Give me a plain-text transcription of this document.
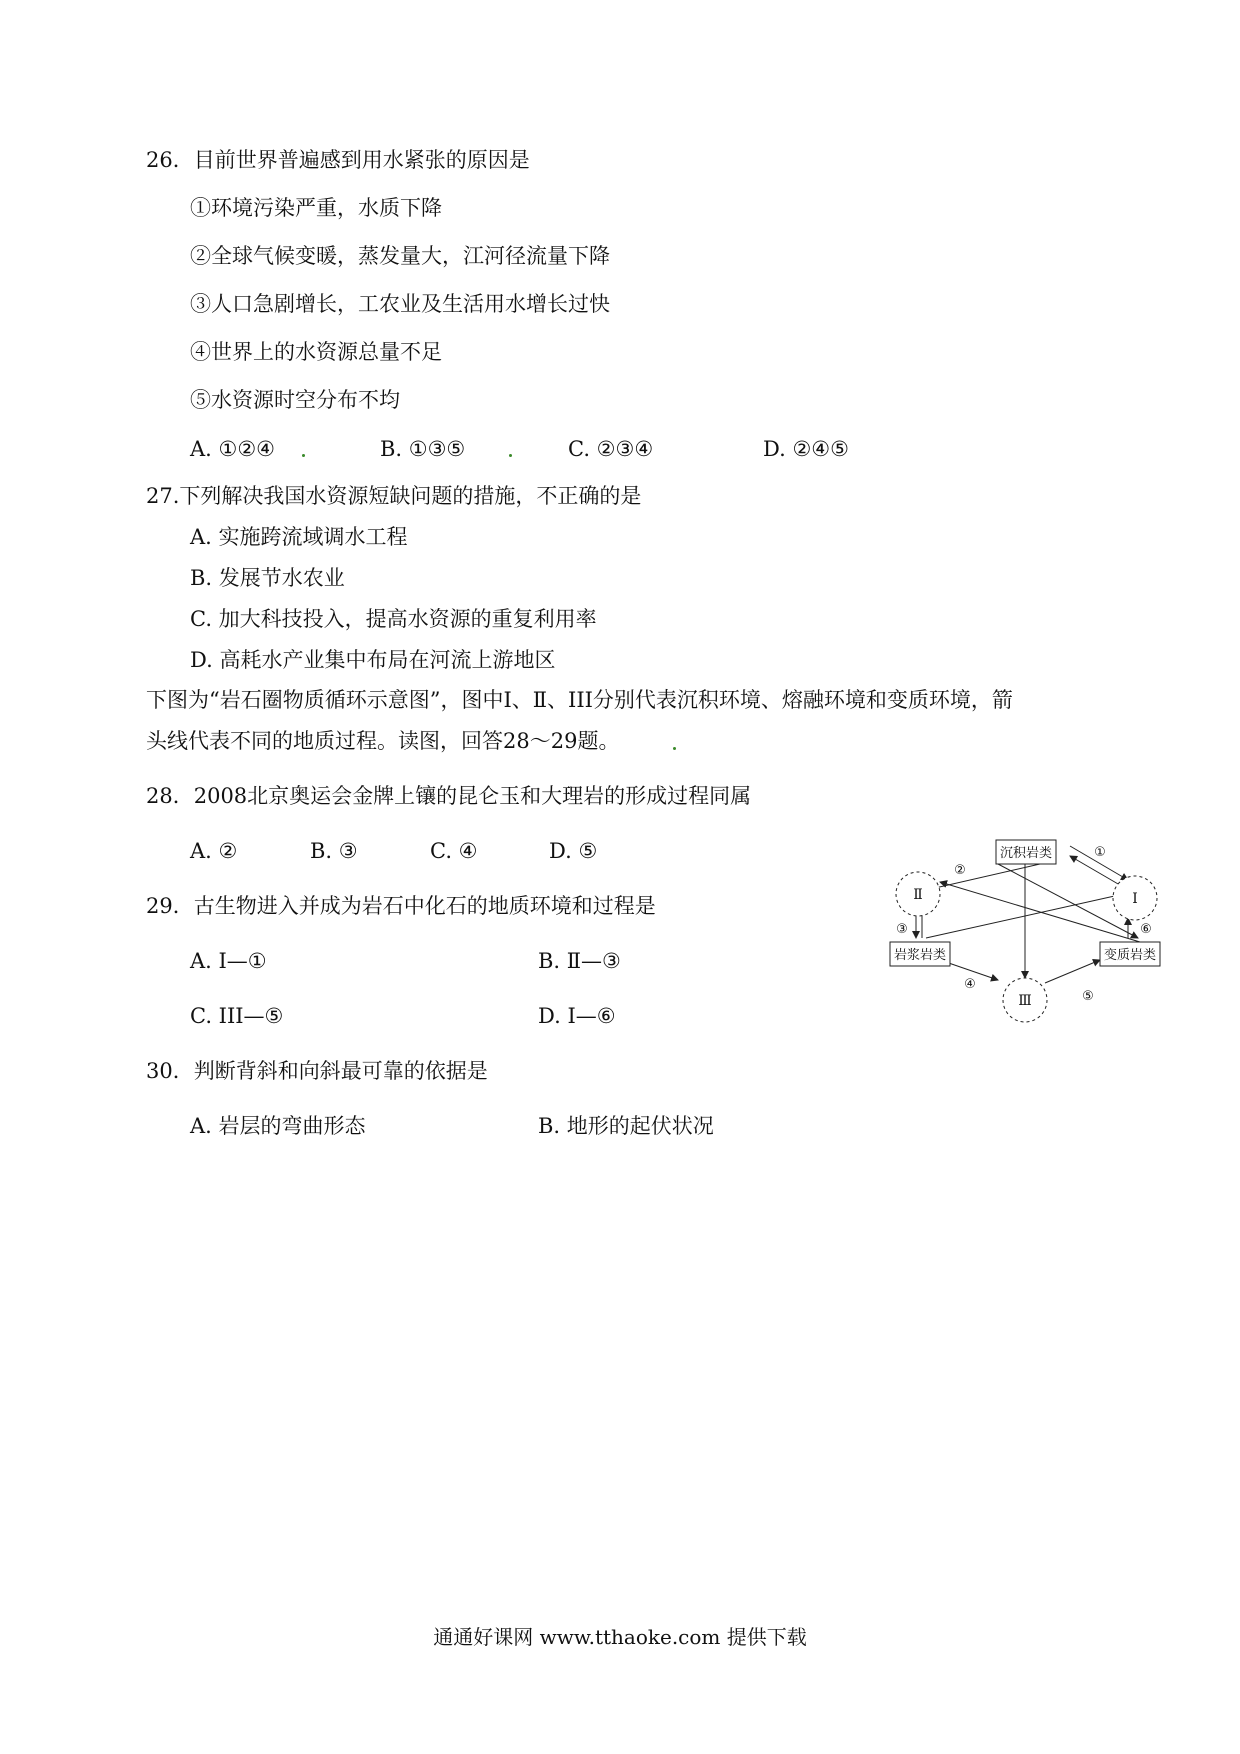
26．目前世界普遍感到用水紧张的原因是
①环境污染严重，水质下降
②全球气候变暖，蒸发量大，江河径流量下降
③人口急剧增长，工农业及生活用水增长过快
④世界上的水资源总量不足
⑤水资源时空分布不均
A. ①②④	B. ①③⑤	C. ②③④	D. ②④⑤
27.下列解决我国水资源短缺问题的措施，不正确的是
A. 实施跨流域调水工程
B. 发展节水农业
C. 加大科技投入，提高水资源的重复利用率
D. 高耗水产业集中布局在河流上游地区
下图为“岩石圈物质循环示意图”，图中Ⅰ、Ⅱ、III分别代表沉积环境、熔融环境和变质环境，箭
头线代表不同的地质过程。读图，回答28～29题。
28．2008北京奥运会金牌上镶的昆仑玉和大理岩的形成过程同属
A. ②	B. ③	C. ④	D. ⑤
29．古生物进入并成为岩石中化石的地质环境和过程是
A. Ⅰ—①	B. Ⅱ—③
C. III—⑤	D. Ⅰ—⑥
30．判断背斜和向斜最可靠的依据是
A. 岩层的弯曲形态	B. 地形的起伏状况
沉积岩类
岩浆岩类	变质岩类
Ⅱ	Ⅰ
Ⅲ
①
②
③
④
⑤
⑥
通通好课网 www.tthaoke.com 提供下载
